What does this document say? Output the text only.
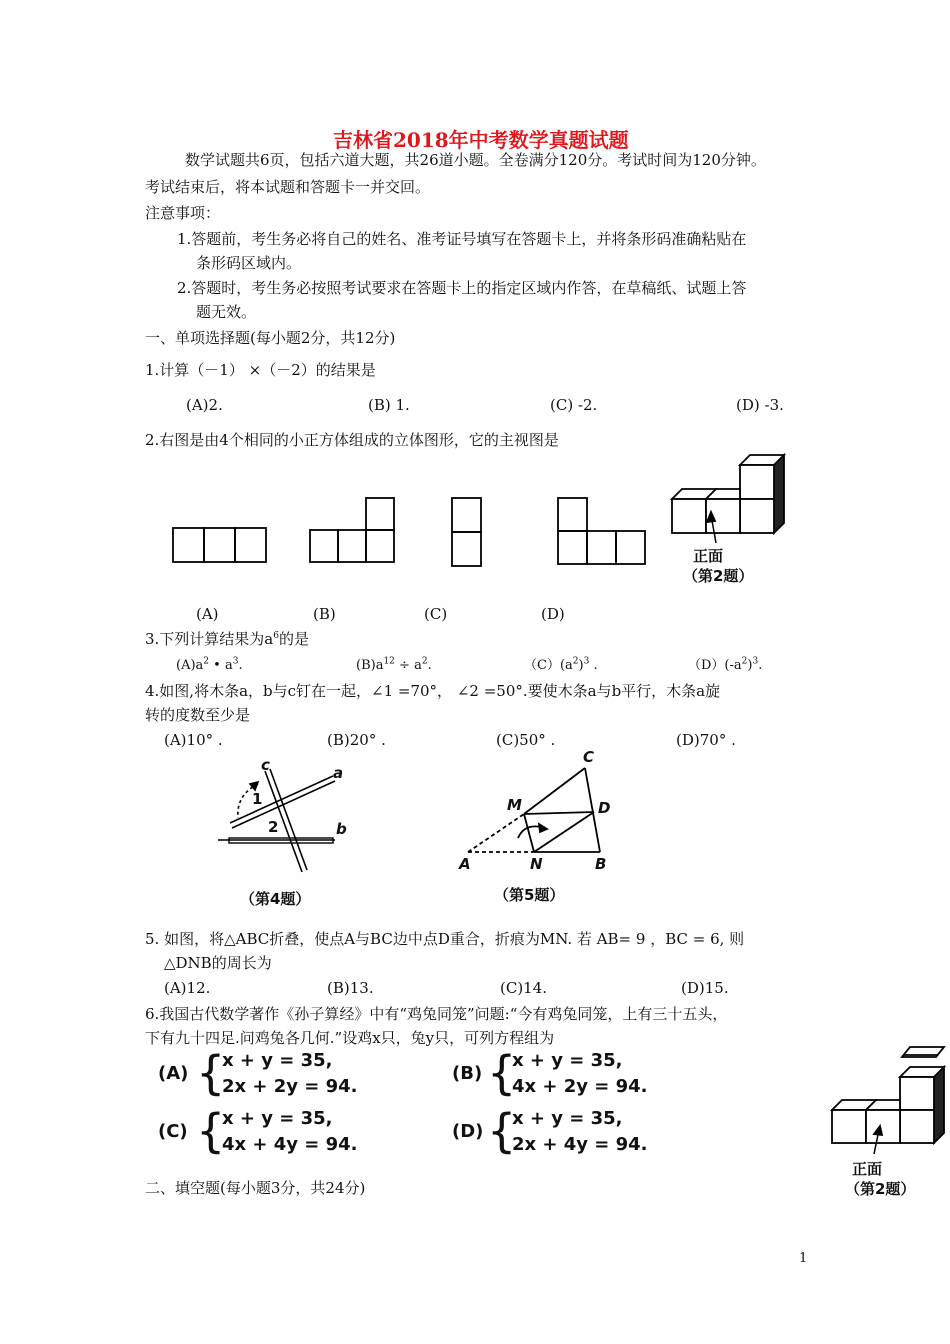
吉林省2018年中考数学真题试题
数学试题共6页，包括六道大题，共26道小题。全卷满分120分。考试时间为120分钟。
考试结束后，将本试题和答题卡一并交回。
注意事项：
1.答题前，考生务必将自己的姓名、准考证号填写在答题卡上，并将条形码准确粘贴在
条形码区域内。
2.答题时，考生务必按照考试要求在答题卡上的指定区域内作答，在草稿纸、试题上答
题无效。
一、单项选择题(每小题2分，共12分)
1.计算（－1） ×（－2）的结果是
(A)2.	(B) 1.	(C) -2.	(D) -3.
2.右图是由4个相同的小正方体组成的立体图形，它的主视图是
正面
（第2题）
(A)	(B)	(C)	(D)
3.下列计算结果为$a^6$的是
$(A)a^2$ • $a^3$.	$(B)a^{12} \div a^2$.	$(C)(a^2)^3$ .	$(D)(-a^2)^3$.
4.如图,将木条a，b与c钉在一起，∠1 =70°， ∠2 =50°.要使木条a与b平行，木条a旋
转的度数至少是
(A)10° .	(B)20° .	(C)50° .	(D)70° .
a
b
c
1
2
（第4题）
C
D
M
A	N	B
（第5题）
5. 如图，将△ABC折叠，使点A与BC边中点D重合，折痕为MN. 若 AB= 9 ，BC = 6, 则
△DNB的周长为
(A)12.	(B)13.	(C)14.	(D)15.
6.我国古代数学著作《孙子算经》中有“鸡兔同笼”问题:“今有鸡兔同笼，上有三十五头，
下有九十四足.问鸡兔各几何.”设鸡x只，兔y只，可列方程组为
(A) {
x + y = 35,
2x + 2y = 94.
(B) {
x + y = 35,
4x + 2y = 94.
(C) {
x + y = 35,
4x + 4y = 94.
(D) {
x + y = 35,
2x + 4y = 94.
正面
（第2题）
二、填空题(每小题3分，共24分)
1
